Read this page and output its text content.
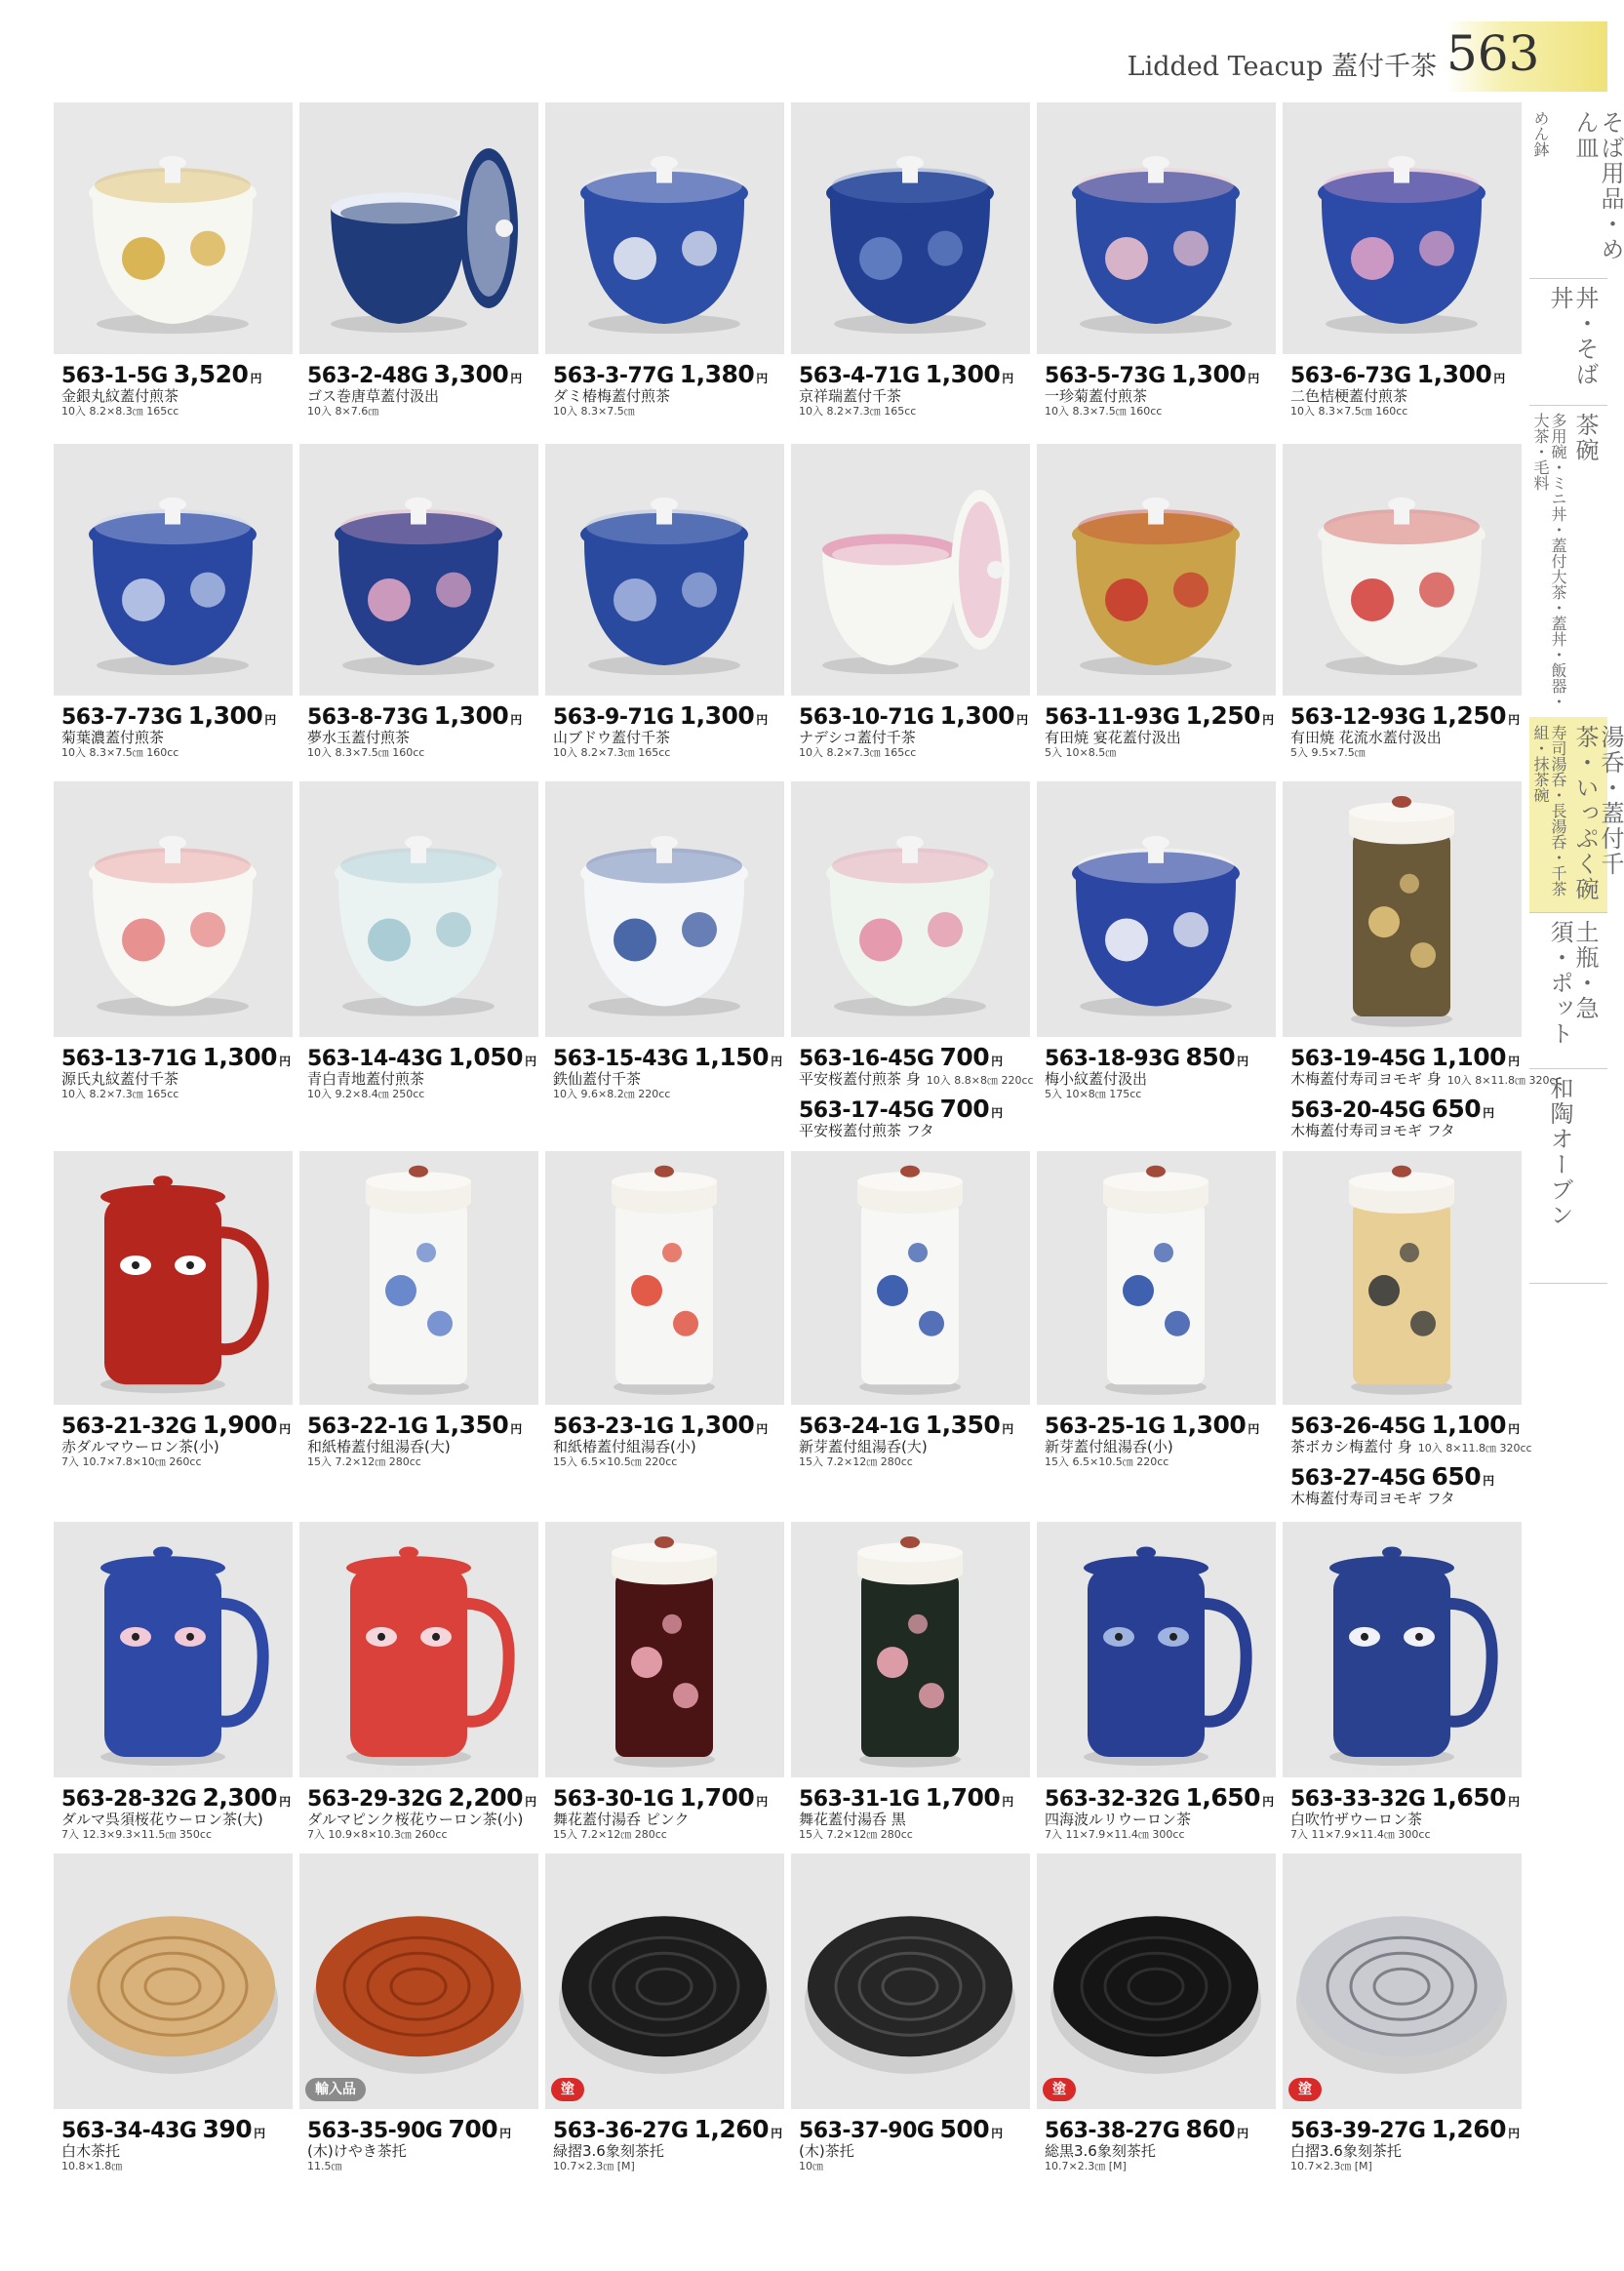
Lidded Teacup 蓋付千茶 563
そば用品・めん皿
めん鉢
丼・そば丼
茶碗
多用碗・ミニ丼・蓋付大茶・蓋丼・飯器・大茶・毛料
湯呑・蓋付千茶・いっぷく碗
寿司湯呑・長湯呑・千茶組・抹茶碗
土瓶・急須・ポット
和陶オーブン
563-1-5G 3,520 円
金銀丸紋蓋付煎茶
10入 8.2×8.3㎝ 165cc
563-2-48G 3,300 円
ゴス巻唐草蓋付汲出
10入 8×7.6㎝
563-3-77G 1,380 円
ダミ椿梅蓋付煎茶
10入 8.3×7.5㎝
563-4-71G 1,300 円
京祥瑞蓋付千茶
10入 8.2×7.3㎝ 165cc
563-5-73G 1,300 円
一珍菊蓋付煎茶
10入 8.3×7.5㎝ 160cc
563-6-73G 1,300 円
二色桔梗蓋付煎茶
10入 8.3×7.5㎝ 160cc
563-7-73G 1,300 円
菊葉濃蓋付煎茶
10入 8.3×7.5㎝ 160cc
563-8-73G 1,300 円
夢水玉蓋付煎茶
10入 8.3×7.5㎝ 160cc
563-9-71G 1,300 円
山ブドウ蓋付千茶
10入 8.2×7.3㎝ 165cc
563-10-71G 1,300 円
ナデシコ蓋付千茶
10入 8.2×7.3㎝ 165cc
563-11-93G 1,250 円
有田焼 宴花蓋付汲出
5入 10×8.5㎝
563-12-93G 1,250 円
有田焼 花流水蓋付汲出
5入 9.5×7.5㎝
563-13-71G 1,300 円
源氏丸紋蓋付千茶
10入 8.2×7.3㎝ 165cc
563-14-43G 1,050 円
青白青地蓋付煎茶
10入 9.2×8.4㎝ 250cc
563-15-43G 1,150 円
鉄仙蓋付千茶
10入 9.6×8.2㎝ 220cc
563-16-45G 700 円
平安桜蓋付煎茶 身 10入 8.8×8㎝ 220cc
563-17-45G 700 円
平安桜蓋付煎茶 フタ
563-18-93G 850 円
梅小紋蓋付汲出
5入 10×8㎝ 175cc
563-19-45G 1,100 円
木梅蓋付寿司ヨモギ 身 10入 8×11.8㎝ 320cc
563-20-45G 650 円
木梅蓋付寿司ヨモギ フタ
563-21-32G 1,900 円
赤ダルマウーロン茶(小)
7入 10.7×7.8×10㎝ 260cc
563-22-1G 1,350 円
和紙椿蓋付組湯呑(大)
15入 7.2×12㎝ 280cc
563-23-1G 1,300 円
和紙椿蓋付組湯呑(小)
15入 6.5×10.5㎝ 220cc
563-24-1G 1,350 円
新芽蓋付組湯呑(大)
15入 7.2×12㎝ 280cc
563-25-1G 1,300 円
新芽蓋付組湯呑(小)
15入 6.5×10.5㎝ 220cc
563-26-45G 1,100 円
茶ボカシ梅蓋付 身 10入 8×11.8㎝ 320cc
563-27-45G 650 円
木梅蓋付寿司ヨモギ フタ
563-28-32G 2,300 円
ダルマ呉須桜花ウーロン茶(大)
7入 12.3×9.3×11.5㎝ 350cc
563-29-32G 2,200 円
ダルマピンク桜花ウーロン茶(小)
7入 10.9×8×10.3㎝ 260cc
563-30-1G 1,700 円
舞花蓋付湯呑 ピンク
15入 7.2×12㎝ 280cc
563-31-1G 1,700 円
舞花蓋付湯呑 黒
15入 7.2×12㎝ 280cc
563-32-32G 1,650 円
四海波ルリウーロン茶
7入 11×7.9×11.4㎝ 300cc
563-33-32G 1,650 円
白吹竹ザウーロン茶
7入 11×7.9×11.4㎝ 300cc
563-34-43G 390 円
白木茶托
10.8×1.8㎝
輸入品
563-35-90G 700 円
(木)けやき茶托
11.5㎝
塗
563-36-27G 1,260 円
緑摺3.6象刻茶托
10.7×2.3㎝ [M]
563-37-90G 500 円
(木)茶托
10㎝
塗
563-38-27G 860 円
総黒3.6象刻茶托
10.7×2.3㎝ [M]
塗
563-39-27G 1,260 円
白摺3.6象刻茶托
10.7×2.3㎝ [M]
